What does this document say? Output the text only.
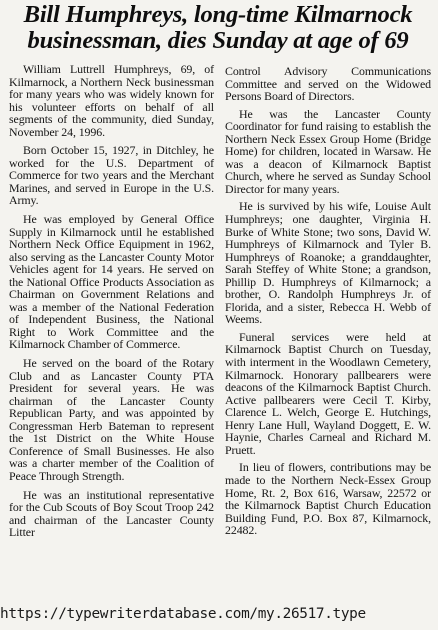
Bill Humphreys, long-time Kilmarnock businessman, dies Sunday at age of 69

William Luttrell Humphreys, 69, of Kilmarnock, a Northern Neck businessman for many years who was widely known for his volunteer efforts on behalf of all segments of the community, died Sunday, November 24, 1996.

Born October 15, 1927, in Ditchley, he worked for the U.S. Department of Commerce for two years and the Merchant Marines, and served in Europe in the U.S. Army.

He was employed by General Office Supply in Kilmarnock until he established Northern Neck Office Equipment in 1962, also serving as the Lancaster County Motor Vehicles agent for 14 years. He served on the National Office Products Association as Chairman on Government Relations and was a member of the National Federation of Independent Business, the National Right to Work Committee and the Kilmarnock Chamber of Commerce.

He served on the board of the Rotary Club and as Lancaster County PTA President for several years. He was chairman of the Lancaster County Republican Party, and was appointed by Congressman Herb Bateman to represent the 1st District on the White House Conference of Small Businesses. He also was a charter member of the Coalition of Peace Through Strength.

He was an institutional representative for the Cub Scouts of Boy Scout Troop 242 and chairman of the Lancaster County Litter

Control Advisory Communications Committee and served on the Widowed Persons Board of Directors.

He was the Lancaster County Coordinator for fund raising to establish the Northern Neck Essex Group Home (Bridge Home) for children, located in Warsaw. He was a deacon of Kilmarnock Baptist Church, where he served as Sunday School Director for many years.

He is survived by his wife, Louise Ault Humphreys; one daughter, Virginia H. Burke of White Stone; two sons, David W. Humphreys of Kilmarnock and Tyler B. Humphreys of Roanoke; a granddaughter, Sarah Steffey of White Stone; a grandson, Phillip D. Humphreys of Kilmarnock; a brother, O. Randolph Humphreys Jr. of Florida, and a sister, Rebecca H. Webb of Weems.

Funeral services were held at Kilmarnock Baptist Church on Tuesday, with interment in the Woodlawn Cemetery, Kilmarnock. Honorary pallbearers were deacons of the Kilmarnock Baptist Church. Active pallbearers were Cecil T. Kirby, Clarence L. Welch, George E. Hutchings, Henry Lane Hull, Wayland Doggett, E. W. Haynie, Charles Carneal and Richard M. Pruett.

In lieu of flowers, contributions may be made to the Northern Neck-Essex Group Home, Rt. 2, Box 616, Warsaw, 22572 or the Kilmarnock Baptist Church Education Building Fund, P.O. Box 87, Kilmarnock, 22482.

https://typewriterdatabase.com/my.26517.type
